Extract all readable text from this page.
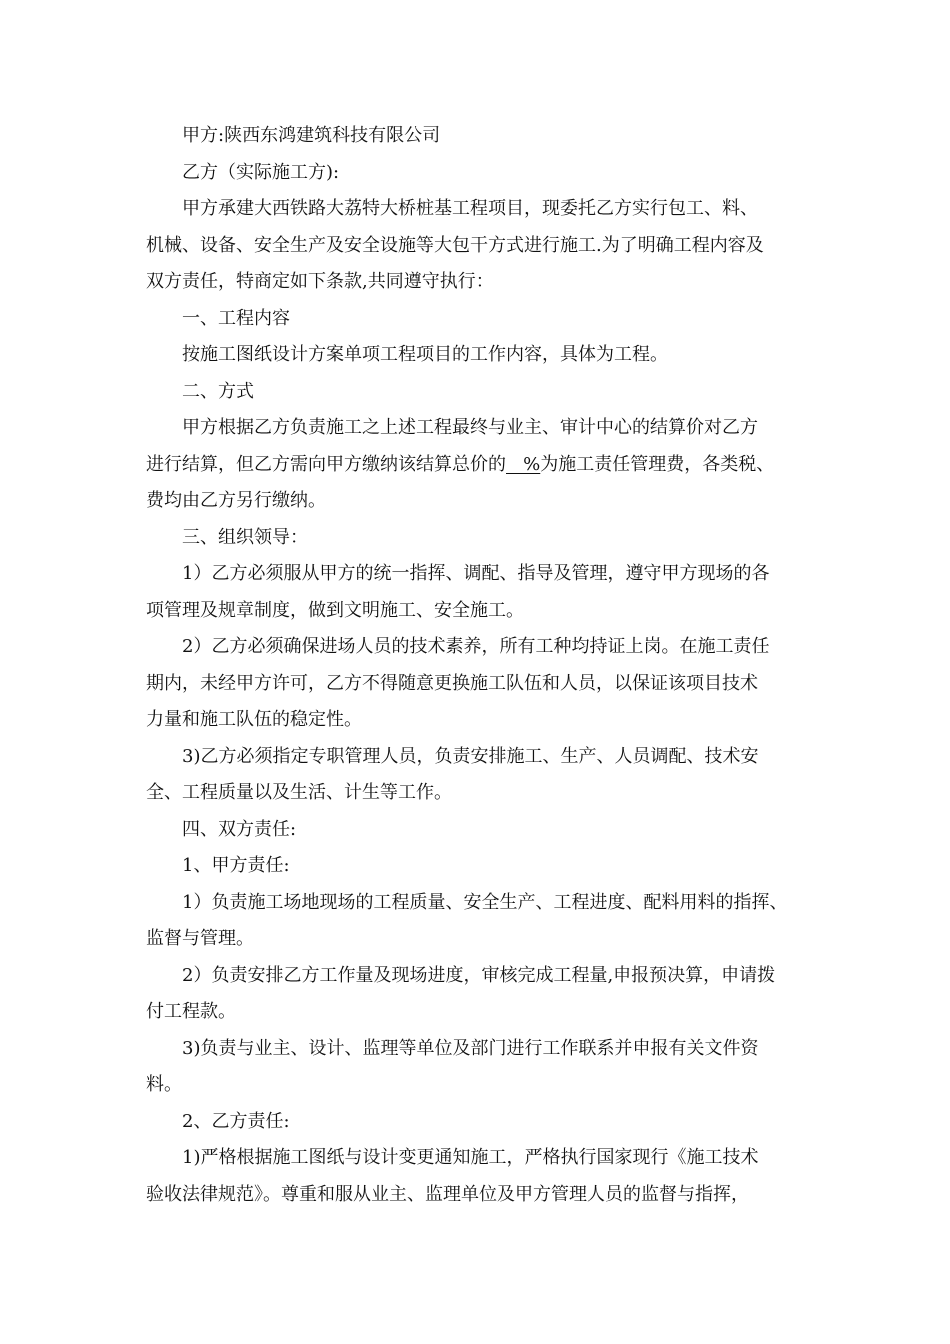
甲方:陕西东鸿建筑科技有限公司
乙方（实际施工方):
甲方承建大西铁路大荔特大桥桩基工程项目，现委托乙方实行包工、料、
机械、设备、安全生产及安全设施等大包干方式进行施工.为了明确工程内容及
双方责任，特商定如下条款,共同遵守执行：
一、工程内容
按施工图纸设计方案单项工程项目的工作内容，具体为工程。
二、方式
甲方根据乙方负责施工之上述工程最终与业主、审计中心的结算价对乙方
进行结算，但乙方需向甲方缴纳该结算总价的   %为施工责任管理费，各类税、
费均由乙方另行缴纳。
三、组织领导：
1）乙方必须服从甲方的统一指挥、调配、指导及管理，遵守甲方现场的各
项管理及规章制度，做到文明施工、安全施工。
2）乙方必须确保进场人员的技术素养，所有工种均持证上岗。在施工责任
期内，未经甲方许可，乙方不得随意更换施工队伍和人员，以保证该项目技术
力量和施工队伍的稳定性。
3)乙方必须指定专职管理人员，负责安排施工、生产、人员调配、技术安
全、工程质量以及生活、计生等工作。
四、双方责任:
1、甲方责任:
1）负责施工场地现场的工程质量、安全生产、工程进度、配料用料的指挥、
监督与管理。
2）负责安排乙方工作量及现场进度，审核完成工程量,申报预决算，申请拨
付工程款。
3)负责与业主、设计、监理等单位及部门进行工作联系并申报有关文件资
料。
2、乙方责任:
1)严格根据施工图纸与设计变更通知施工，严格执行国家现行《施工技术
验收法律规范》。尊重和服从业主、监理单位及甲方管理人员的监督与指挥，
